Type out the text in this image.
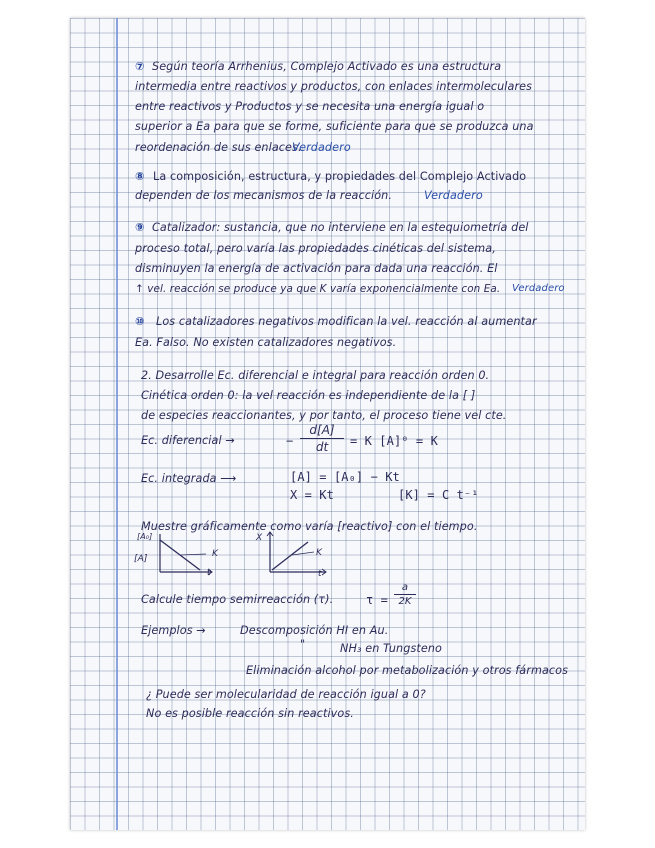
⑦ Según teoría Arrhenius, Complejo Activado es una estructura
intermedia entre reactivos y productos, con enlaces intermoleculares
entre reactivos y Productos y se necesita una energía igual o
superior a Ea para que se forme, suficiente para que se produzca una
reordenación de sus enlaces.
Verdadero
⑧ La composición, estructura, y propiedades del Complejo Activado
dependen de los mecanismos de la reacción.	Verdadero
⑨ Catalizador: sustancia, que no interviene en la estequiometría del
proceso total, pero varía las propiedades cinéticas del sistema,
disminuyen la energía de activación para dada una reacción. El
↑ vel. reacción se produce ya que K varía exponencialmente con Ea. Verdadero
⑩ Los catalizadores negativos modifican la vel. reacción al aumentar
Ea. Falso. No existen catalizadores negativos.
2. Desarrolle Ec. diferencial e integral para reacción orden 0.
Cinética orden 0: la vel reacción es independiente de la [ ]
de especies reaccionantes, y por tanto, el proceso tiene vel cte.
Ec. diferencial →	−
d[A]
dt	= K [A]⁰ = K
Ec. integrada ⟶	[A] = [A₀] − Kt
X = Kt	[K] = C t⁻¹
Muestre gráficamente como varía [reactivo] con el tiempo.
[A₀]
[A]	K
t
X
K
t
Calcule tiempo semirreacción (τ).	τ =
a
2K
Ejemplos →	Descomposición HI en Au.
"	NH₃ en Tungsteno
Eliminación alcohol por metabolización y otros fármacos
¿ Puede ser molecularidad de reacción igual a 0?
No es posible reacción sin reactivos.
